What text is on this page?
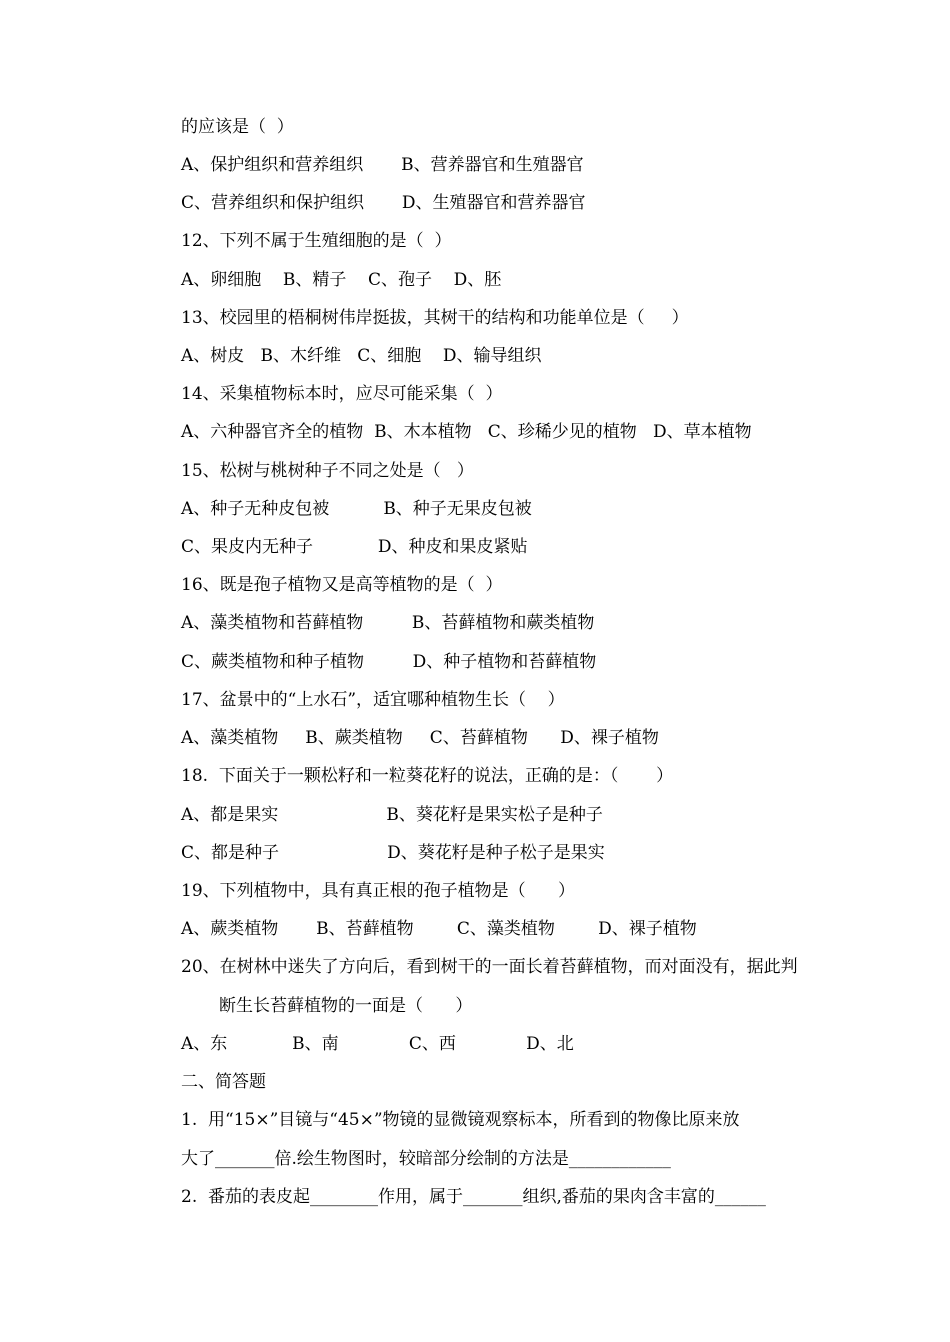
的应该是（  ）
A、保护组织和营养组织       B、营养器官和生殖器官
C、营养组织和保护组织       D、生殖器官和营养器官
12、下列不属于生殖细胞的是（  ）
A、卵细胞    B、精子    C、孢子    D、胚
13、校园里的梧桐树伟岸挺拔，其树干的结构和功能单位是（     ）
A、树皮   B、木纤维   C、细胞    D、输导组织
14、采集植物标本时，应尽可能采集（  ）
A、六种器官齐全的植物  B、木本植物   C、珍稀少见的植物   D、草本植物
15、松树与桃树种子不同之处是（   ）
A、种子无种皮包被          B、种子无果皮包被
C、果皮内无种子            D、种皮和果皮紧贴
16、既是孢子植物又是高等植物的是（  ）
A、藻类植物和苔藓植物         B、苔藓植物和蕨类植物
C、蕨类植物和种子植物         D、种子植物和苔藓植物
17、盆景中的“上水石”，适宜哪种植物生长（    ）
A、藻类植物     B、蕨类植物     C、苔藓植物      D、裸子植物
18.  下面关于一颗松籽和一粒葵花籽的说法，正确的是：（       ）
A、都是果实                    B、葵花籽是果实松子是种子
C、都是种子                    D、葵花籽是种子松子是果实
19、下列植物中，具有真正根的孢子植物是（      ）
A、蕨类植物       B、苔藓植物        C、藻类植物        D、裸子植物
20、在树林中迷失了方向后，看到树干的一面长着苔藓植物，而对面没有，据此判
断生长苔藓植物的一面是（      ）
A、东            B、南             C、西             D、北
二、简答题
1.  用“15×”目镜与“45×”物镜的显微镜观察标本，所看到的物像比原来放
大了_______倍.绘生物图时，较暗部分绘制的方法是____________
2.  番茄的表皮起________作用，属于_______组织,番茄的果肉含丰富的______
